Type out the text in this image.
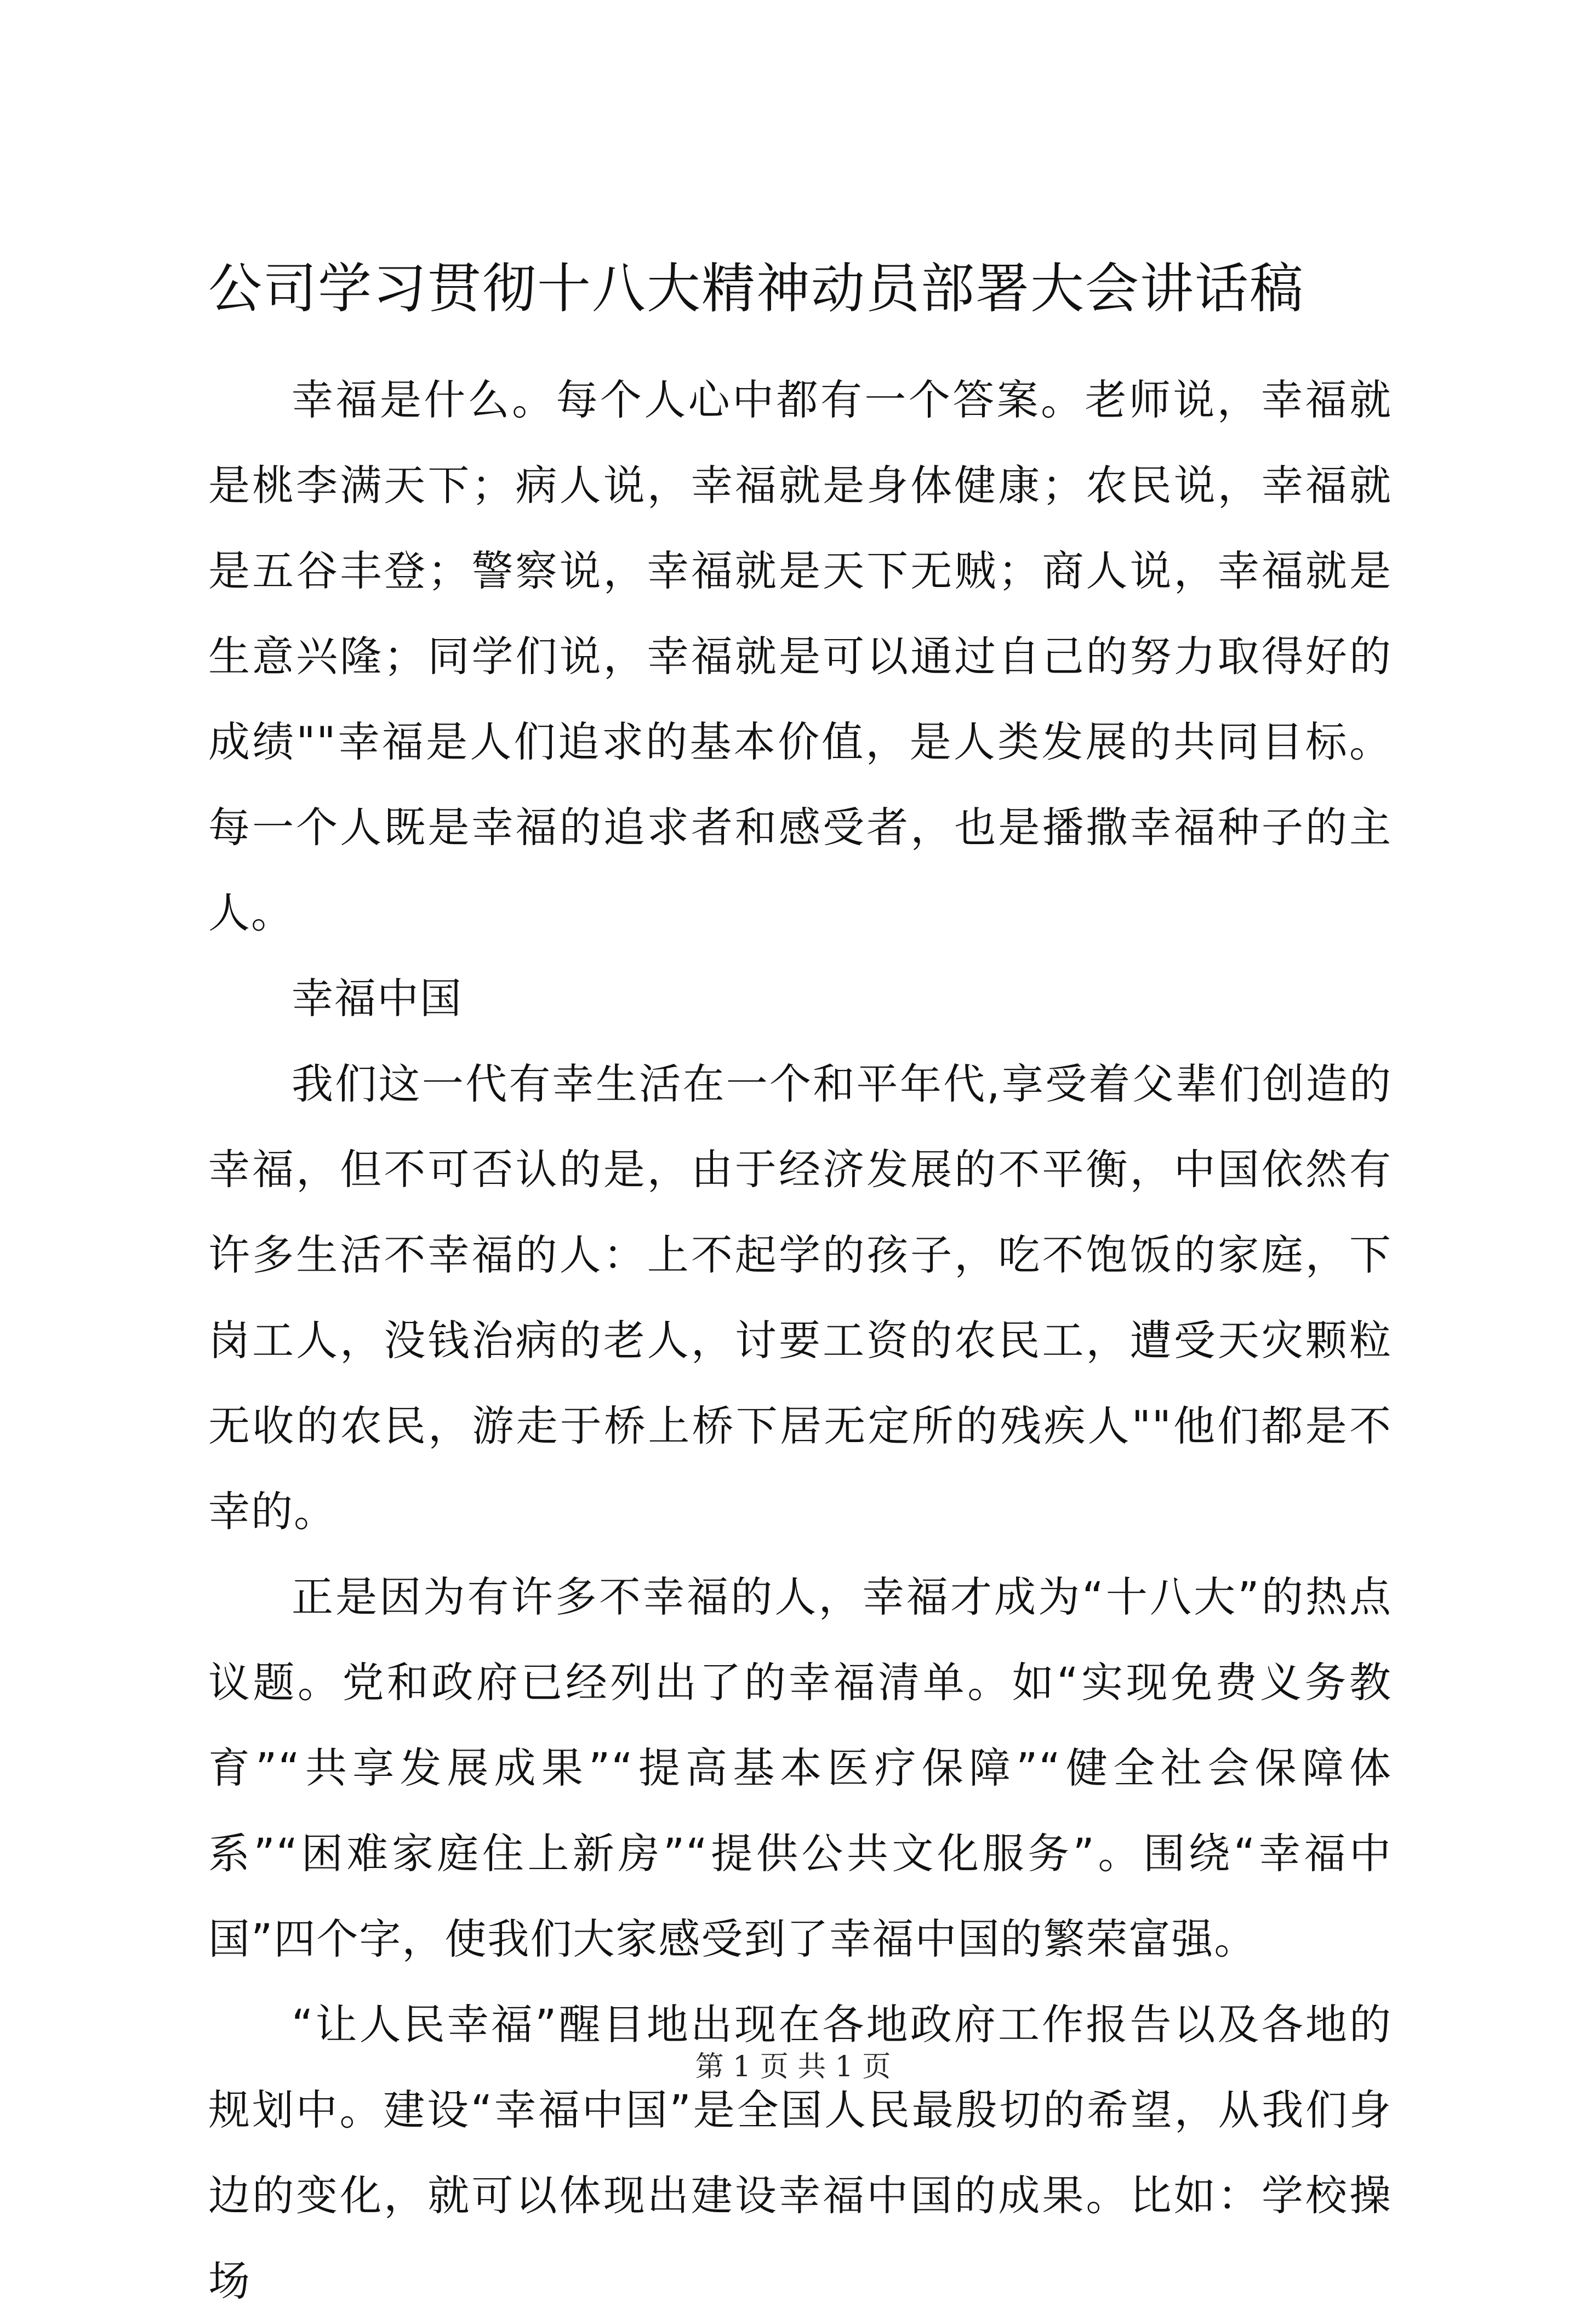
公司学习贯彻十八大精神动员部署大会讲话稿

幸福是什么。每个人心中都有一个答案。老师说，幸福就是桃李满天下；病人说，幸福就是身体健康；农民说，幸福就是五谷丰登；警察说，幸福就是天下无贼；商人说，幸福就是生意兴隆；同学们说，幸福就是可以通过自己的努力取得好的成绩""幸福是人们追求的基本价值，是人类发展的共同目标。每一个人既是幸福的追求者和感受者，也是播撒幸福种子的主人。

幸福中国

我们这一代有幸生活在一个和平年代,享受着父辈们创造的幸福，但不可否认的是，由于经济发展的不平衡，中国依然有许多生活不幸福的人：上不起学的孩子，吃不饱饭的家庭，下岗工人，没钱治病的老人，讨要工资的农民工，遭受天灾颗粒无收的农民，游走于桥上桥下居无定所的残疾人""他们都是不幸的。

正是因为有许多不幸福的人，幸福才成为“十八大”的热点议题。党和政府已经列出了的幸福清单。如“实现免费义务教育”“共享发展成果”“提高基本医疗保障”“健全社会保障体系”“困难家庭住上新房”“提供公共文化服务”。围绕“幸福中国”四个字，使我们大家感受到了幸福中国的繁荣富强。

“让人民幸福”醒目地出现在各地政府工作报告以及各地的规划中。建设“幸福中国”是全国人民最殷切的希望，从我们身边的变化，就可以体现出建设幸福中国的成果。比如：学校操场

第 1 页 共 1 页
